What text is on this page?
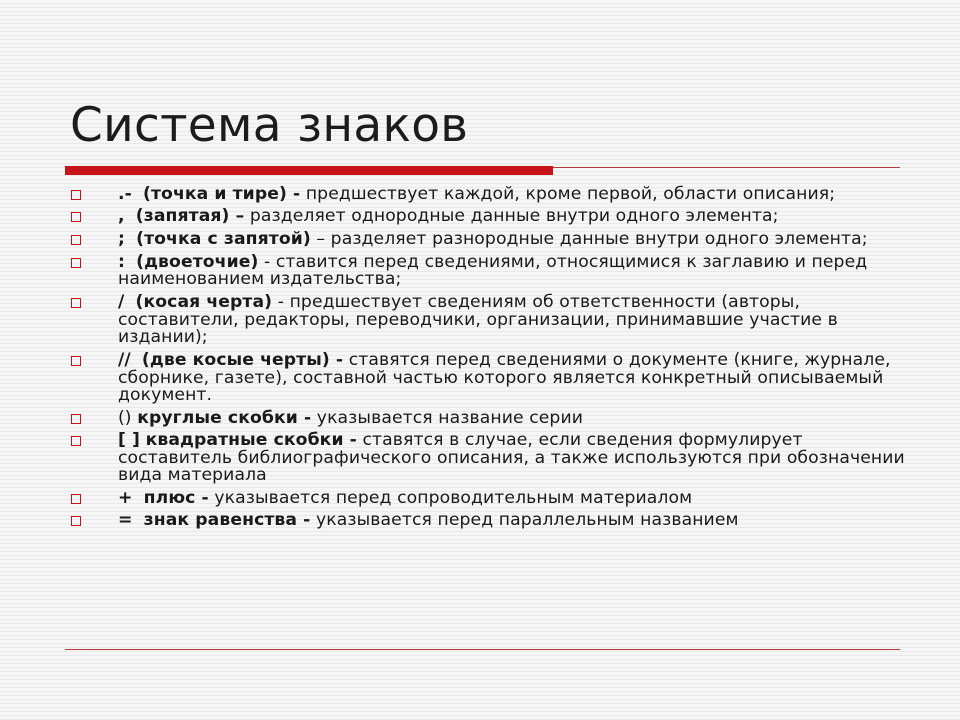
Система знаков
.- (точка и тире) - предшествует каждой, кроме первой, области описания;
, (запятая) – разделяет однородные данные внутри одного элемента;
; (точка с запятой) – разделяет разнородные данные внутри одного элемента;
: (двоеточие) - ставится перед сведениями, относящимися к заглавию и перед наименованием издательства;
/ (косая черта) - предшествует сведениям об ответственности (авторы, составители, редакторы, переводчики, организации, принимавшие участие в издании);
// (две косые черты) - ставятся перед сведениями о документе (книге, журнале, сборнике, газете), составной частью которого является конкретный описываемый документ.
() круглые скобки - указывается название серии
[ ] квадратные скобки - ставятся в случае, если сведения формулирует составитель библиографического описания, а также используются при обозначении вида материала
+ плюс - указывается перед сопроводительным материалом
= знак равенства - указывается перед параллельным названием
